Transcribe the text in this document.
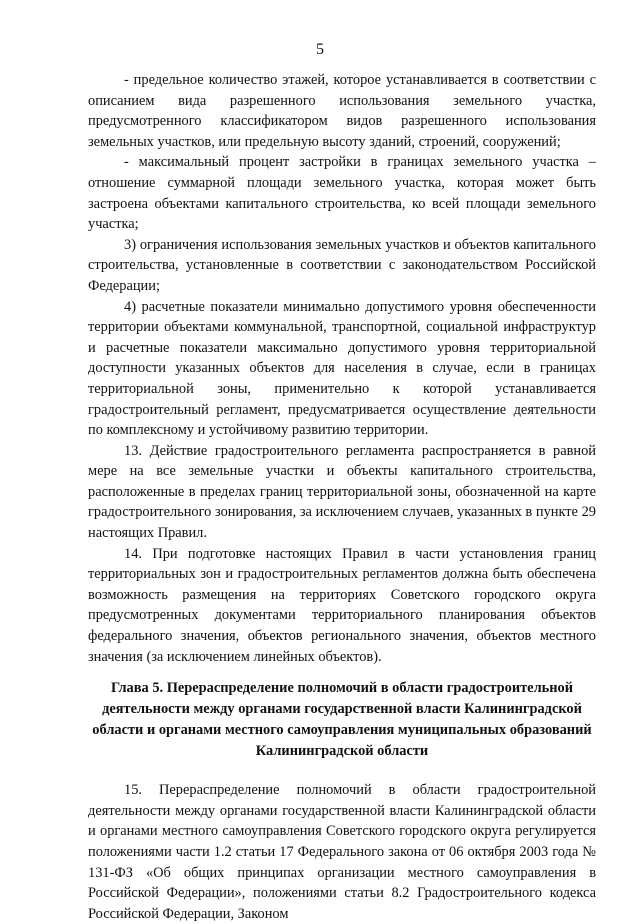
5

- предельное количество этажей, которое устанавливается в соответствии с описанием вида разрешенного использования земельного участка, предусмотренного классификатором видов разрешенного использования земельных участков, или предельную высоту зданий, строений, сооружений;

- максимальный процент застройки в границах земельного участка – отношение суммарной площади земельного участка, которая может быть застроена объектами капитального строительства, ко всей площади земельного участка;

3) ограничения использования земельных участков и объектов капитального строительства, установленные в соответствии с законодательством Российской Федерации;

4) расчетные показатели минимально допустимого уровня обеспеченности территории объектами коммунальной, транспортной, социальной инфраструктур и расчетные показатели максимально допустимого уровня территориальной доступности указанных объектов для населения в случае, если в границах территориальной зоны, применительно к которой устанавливается градостроительный регламент, предусматривается осуществление деятельности по комплексному и устойчивому развитию территории.

13. Действие градостроительного регламента распространяется в равной мере на все земельные участки и объекты капитального строительства, расположенные в пределах границ территориальной зоны, обозначенной на карте градостроительного зонирования, за исключением случаев, указанных в пункте 29 настоящих Правил.

14. При подготовке настоящих Правил в части установления границ территориальных зон и градостроительных регламентов должна быть обеспечена возможность размещения на территориях Советского городского округа предусмотренных документами территориального планирования объектов федерального значения, объектов регионального значения, объектов местного значения (за исключением линейных объектов).

Глава 5. Перераспределение полномочий в области градостроительной деятельности между органами государственной власти Калининградской области и органами местного самоуправления муниципальных образований Калининградской области

15. Перераспределение полномочий в области градостроительной деятельности между органами государственной власти Калининградской области и органами местного самоуправления Советского городского округа регулируется положениями части 1.2 статьи 17 Федерального закона от 06 октября 2003 года № 131-ФЗ «Об общих принципах организации местного самоуправления в Российской Федерации», положениями статьи 8.2 Градостроительного кодекса Российской Федерации, Законом
